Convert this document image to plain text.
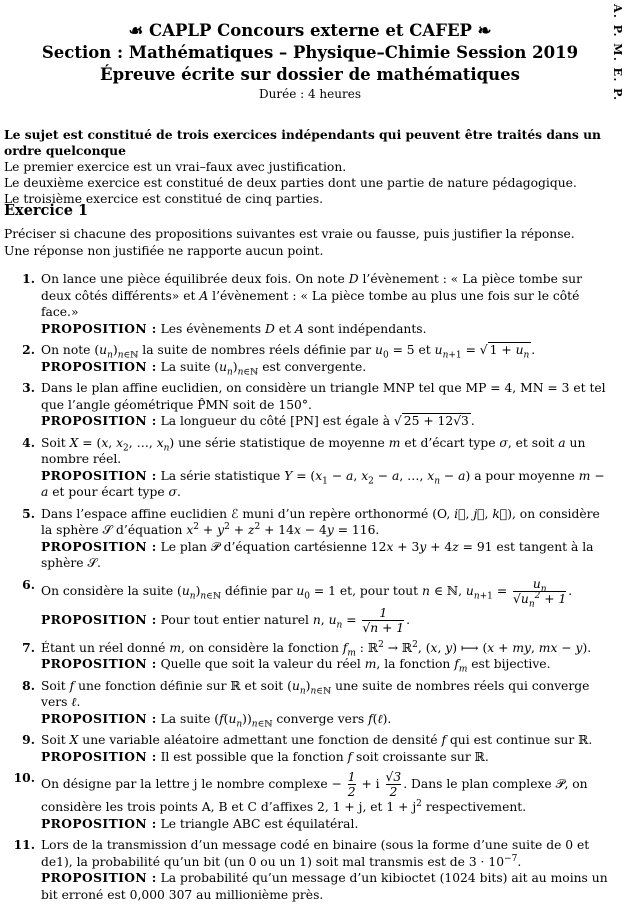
A. P. M. E. P.
☙ CAPLP Concours externe et CAFEP ❧
Section : Mathématiques – Physique–Chimie Session 2019
Épreuve écrite sur dossier de mathématiques
Durée : 4 heures

Le sujet est constitué de trois exercices indépendants qui peuvent être traités dans un ordre quelconque

Le premier exercice est un vrai–faux avec justification.

Le deuxième exercice est constitué de deux parties dont une partie de nature pédagogique.

Le troisième exercice est constitué de cinq parties.

Exercice 1
Préciser si chacune des propositions suivantes est vraie ou fausse, puis justifier la réponse. Une réponse non justifiée ne rapporte aucun point.
1. On lance une pièce équilibrée deux fois. On note D l’évènement : « La pièce tombe sur deux côtés différents» et A l’évènement : « La pièce tombe au plus une fois sur le côté face.»
PROPOSITION : Les évènements D et A sont indépendants.
2. On note $(u_n)_{n\in ℕ}$ la suite de nombres réels définie par $u_0 = 5$ et $u_{n+1}$ = √ $1 + u_n$ .
PROPOSITION : La suite $(u_n)_{n\in ℕ}$ est convergente.
3. Dans le plan affine euclidien, on considère un triangle MNP tel que MP = 4, MN = 3 et tel que l’angle géométrique P̂MN soit de 150°.
PROPOSITION : La longueur du côté [PN] est égale à √ 25 + 12√3 .
4. Soit X = (x, $x_2$, …, $x_n$) une série statistique de moyenne m et d’écart type σ, et soit a un nombre réel.
PROPOSITION : La série statistique $Y = (x_1 - a$, $x_2 - a$, …, $x_n - a$) a pour moyenne m − a et pour écart type σ.
5. Dans l’espace affine euclidien ℰ muni d’un repère orthonormé (O, i⃗, j⃗, k⃗), on considère la sphère 𝒮 d’équation $x^2 + y^2 + z^2 + 14x - 4y = 116$.
PROPOSITION : Le plan 𝒫 d’équation cartésienne 12x + 3y + 4z = 91 est tangent à la sphère 𝒮.
6. On considère la suite $(u_n)_{n\in ℕ}$ définie par $u_0 = 1$ et, pour tout n ∈ ℕ, $u_{n+1} = \frac{u_n}{√u_n^2 + 1}$ .
PROPOSITION : Pour tout entier naturel n, $u_n = \frac{1}{√n + 1}$ .
7. Étant un réel donné m, on considère la fonction $f_m$ : ℝ$^2$ → ℝ$^2$, (x, y) ⟼ (x + my, mx − y).
PROPOSITION : Quelle que soit la valeur du réel m, la fonction $f_m$ est bijective.
8. Soit f une fonction définie sur ℝ et soit $(u_n)_{n\in ℕ}$ une suite de nombres réels qui converge vers ℓ.
PROPOSITION : La suite $(f(u_n))_{n\in ℕ}$ converge vers f(ℓ).
9. Soit X une variable aléatoire admettant une fonction de densité f qui est continue sur ℝ.
PROPOSITION : Il est possible que la fonction f soit croissante sur ℝ.
10. On désigne par la lettre j le nombre complexe − $\frac{1}{2} + i \frac{√3}{2}$ . Dans le plan complexe 𝒫, on considère les trois points A, B et C d’affixes 2, 1 + j, et $1 + j^2$ respectivement.
PROPOSITION : Le triangle ABC est équilatéral.
11. Lors de la transmission d’un message codé en binaire (sous la forme d’une suite de 0 et de1), la probabilité qu’un bit (un 0 ou un 1) soit mal transmis est de $3 \cdot 10^{-7}$.
PROPOSITION : La probabilité qu’un message d’un kibioctet (1024 bits) ait au moins un bit erroné est 0,000 307 au millionième près.
